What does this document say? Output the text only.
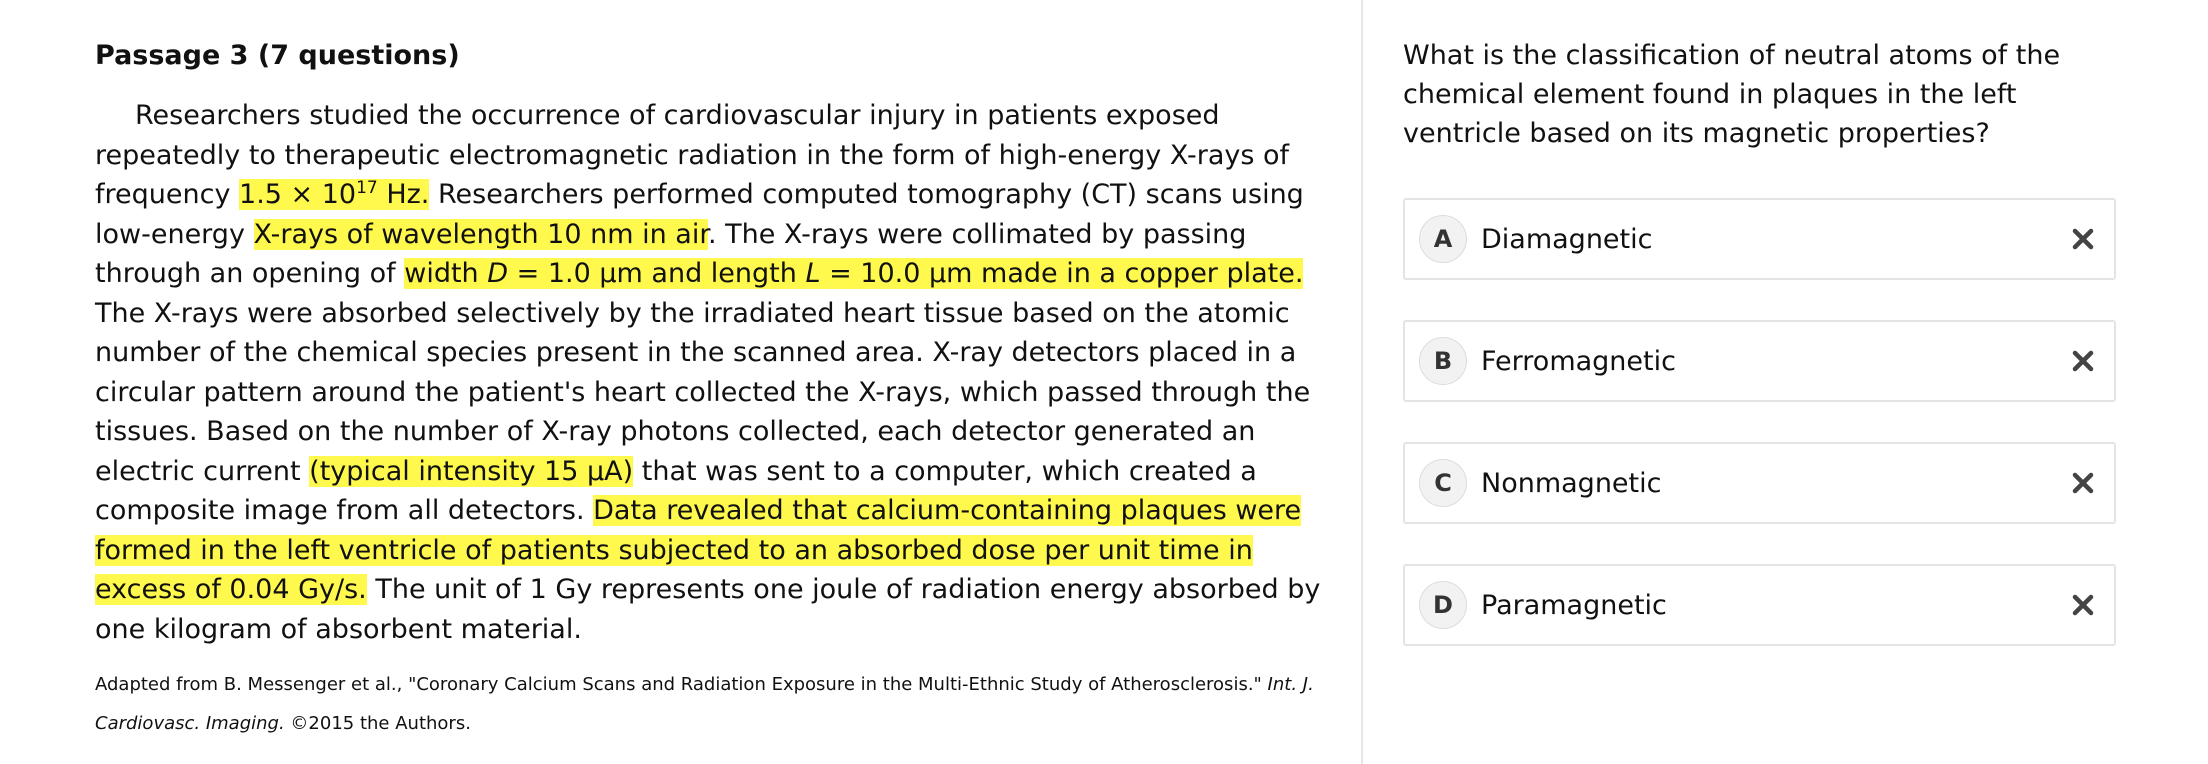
Passage 3 (7 questions)

Researchers studied the occurrence of cardiovascular injury in patients exposed repeatedly to therapeutic electromagnetic radiation in the form of high-energy X-rays of frequency $1.5 \times 10^{17}$ Hz. Researchers performed computed tomography (CT) scans using low-energy X-rays of wavelength 10 nm in air. The X-rays were collimated by passing through an opening of width D = 1.0 µm and length L = 10.0 µm made in a copper plate. The X-rays were absorbed selectively by the irradiated heart tissue based on the atomic number of the chemical species present in the scanned area. X-ray detectors placed in a circular pattern around the patient's heart collected the X-rays, which passed through the tissues. Based on the number of X-ray photons collected, each detector generated an electric current (typical intensity 15 µA) that was sent to a computer, which created a composite image from all detectors. Data revealed that calcium-containing plaques were formed in the left ventricle of patients subjected to an absorbed dose per unit time in excess of 0.04 Gy/s. The unit of 1 Gy represents one joule of radiation energy absorbed by one kilogram of absorbent material.

Adapted from B. Messenger et al., "Coronary Calcium Scans and Radiation Exposure in the Multi-Ethnic Study of Atherosclerosis." Int. J. Cardiovasc. Imaging. ©2015 the Authors.

What is the classification of neutral atoms of the chemical element found in plaques in the left ventricle based on its magnetic properties?

A	Diamagnetic
B	Ferromagnetic
C	Nonmagnetic
D	Paramagnetic
